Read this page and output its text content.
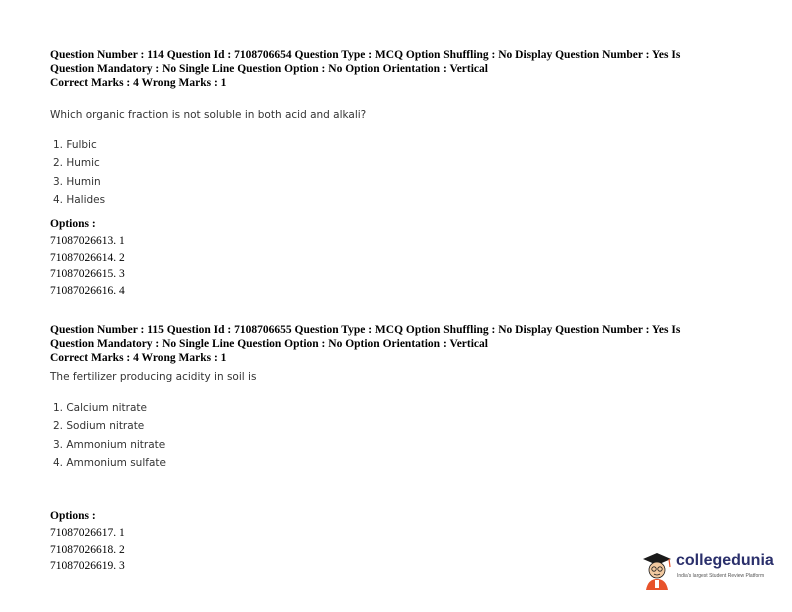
Question Number : 114 Question Id : 7108706654 Question Type : MCQ Option Shuffling : No Display Question Number : Yes Is
Question Mandatory : No Single Line Question Option : No Option Orientation : Vertical
Correct Marks : 4 Wrong Marks : 1
Which organic fraction is not soluble in both acid and alkali?
1. Fulbic
2. Humic
3. Humin
4. Halides
Options :
71087026613. 1
71087026614. 2
71087026615. 3
71087026616. 4
Question Number : 115 Question Id : 7108706655 Question Type : MCQ Option Shuffling : No Display Question Number : Yes Is
Question Mandatory : No Single Line Question Option : No Option Orientation : Vertical
Correct Marks : 4 Wrong Marks : 1
The fertilizer producing acidity in soil is
1. Calcium nitrate
2. Sodium nitrate
3. Ammonium nitrate
4. Ammonium sulfate
Options :
71087026617. 1
71087026618. 2
71087026619. 3	collegedunia
India's largest Student Review Platform
